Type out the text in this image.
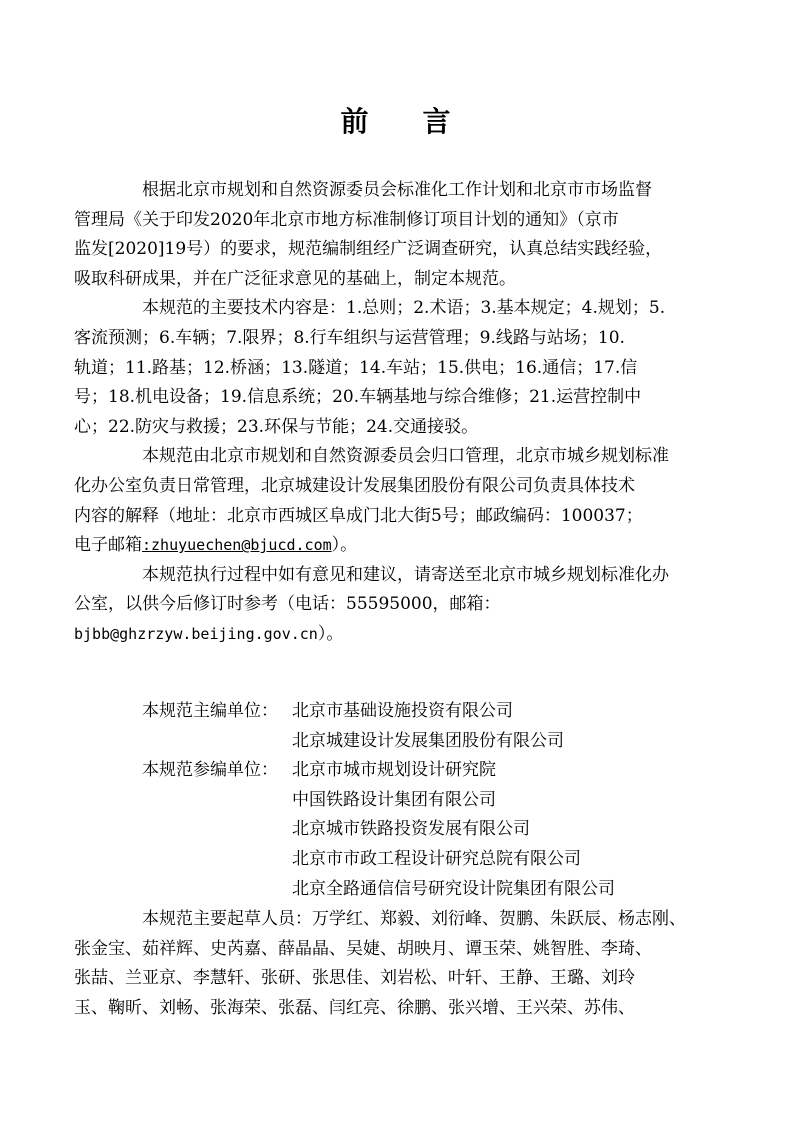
前 言

根据北京市规划和自然资源委员会标准化工作计划和北京市市场监督
管理局《关于印发2020年北京市地方标准制修订项目计划的通知》（京市
监发[2020]19号）的要求，规范编制组经广泛调查研究，认真总结实践经验，
吸取科研成果，并在广泛征求意见的基础上，制定本规范。

本规范的主要技术内容是：1.总则；2.术语；3.基本规定；4.规划；5.
客流预测；6.车辆；7.限界；8.行车组织与运营管理；9.线路与站场；10.
轨道；11.路基；12.桥涵；13.隧道；14.车站；15.供电；16.通信；17.信
号；18.机电设备；19.信息系统；20.车辆基地与综合维修；21.运营控制中
心；22.防灾与救援；23.环保与节能；24.交通接驳。

本规范由北京市规划和自然资源委员会归口管理，北京市城乡规划标准
化办公室负责日常管理，北京城建设计发展集团股份有限公司负责具体技术
内容的解释（地址：北京市西城区阜成门北大街5号；邮政编码：100037；
电子邮箱:zhuyuechen@bjucd.com）。

本规范执行过程中如有意见和建议，请寄送至北京市城乡规划标准化办
公室，以供今后修订时参考（电话：55595000，邮箱：
bjbb@ghzrzyw.beijing.gov.cn）。

本规范主编单位： 北京市基础设施投资有限公司
北京城建设计发展集团股份有限公司
本规范参编单位： 北京市城市规划设计研究院
中国铁路设计集团有限公司
北京城市铁路投资发展有限公司
北京市市政工程设计研究总院有限公司
北京全路通信信号研究设计院集团有限公司

本规范主要起草人员：万学红、郑毅、刘衍峰、贺鹏、朱跃辰、杨志刚、
张金宝、茹祥辉、史芮嘉、薛晶晶、吴婕、胡映月、谭玉荣、姚智胜、李琦、
张喆、兰亚京、李慧轩、张研、张思佳、刘岩松、叶轩、王静、王璐、刘玲
玉、鞠昕、刘畅、张海荣、张磊、闫红亮、徐鹏、张兴增、王兴荣、苏伟、
